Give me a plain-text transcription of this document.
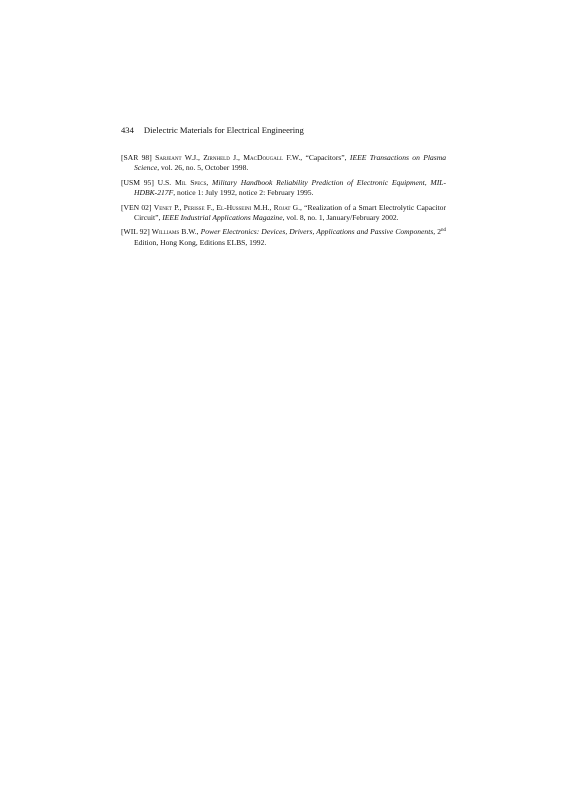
434 Dielectric Materials for Electrical Engineering

[SAR 98] Sarjeant W.J., Zirnheld J., MacDougall F.W., “Capacitors”, IEEE Transactions on Plasma Science, vol. 26, no. 5, October 1998.

[USM 95] U.S. Mil Specs, Military Handbook Reliability Prediction of Electronic Equipment, MIL-HDBK-217F, notice 1: July 1992, notice 2: February 1995.

[VEN 02] Venet P., Perisse F., El-Husseini M.H., Rojat G., “Realization of a Smart Electrolytic Capacitor Circuit”, IEEE Industrial Applications Magazine, vol. 8, no. 1, January/February 2002.

[WIL 92] Williams B.W., Power Electronics: Devices, Drivers, Applications and Passive Components, 2nd Edition, Hong Kong, Editions ELBS, 1992.
